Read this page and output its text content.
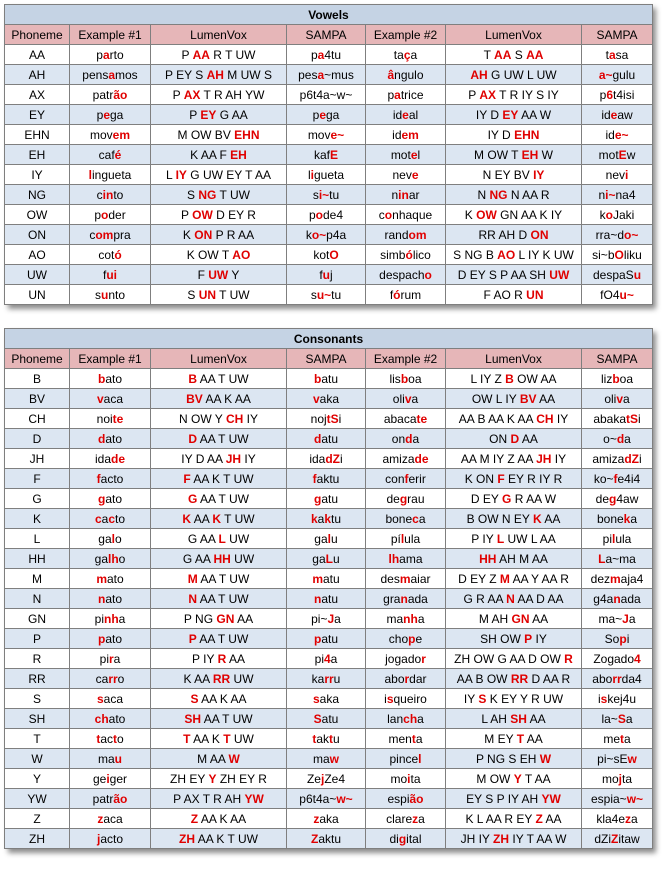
Vowels						
Phoneme	Example #1	LumenVox	SAMPA	Example #2	LumenVox	SAMPA
AA	parto	P AA R T UW	pa4tu	taça	T AA S AA	tasa
AH	pensamos	P EY S AH M UW S	pesa~mus	ângulo	AH G UW L UW	a~gulu
AX	patrão	P AX T R AH YW	p6t4a~w~	patrice	P AX T R IY S IY	p6t4isi
EY	pega	P EY G AA	pega	ideal	IY D EY AA W	ideaw
EHN	movem	M OW BV EHN	move~	idem	IY D EHN	ide~
EH	café	K AA F EH	kafE	motel	M OW T EH W	motEw
IY	lingueta	L IY G UW EY T AA	ligueta	neve	N EY BV IY	nevi
NG	cinto	S NG T UW	si~tu	ninar	N NG N AA R	ni~na4
OW	poder	P OW D EY R	pode4	conhaque	K OW GN AA K IY	koJaki
ON	compra	K ON P R AA	ko~p4a	random	RR AH D ON	rra~do~
AO	cotó	K OW T AO	kotO	simbólico	S NG B AO L IY K UW	si~bOliku
UW	fui	F UW Y	fuj	despacho	D EY S P AA SH UW	despaSu
UN	sunto	S UN T UW	su~tu	fórum	F AO R UN	fO4u~
Consonants						
Phoneme	Example #1	LumenVox	SAMPA	Example #2	LumenVox	SAMPA
B	bato	B AA T UW	batu	lisboa	L IY Z B OW AA	lizboa
BV	vaca	BV AA K AA	vaka	oliva	OW L IY BV AA	oliva
CH	noite	N OW Y CH IY	nojtSi	abacate	AA B AA K AA CH IY	abakatSi
D	dato	D AA T UW	datu	onda	ON D AA	o~da
JH	idade	IY D AA JH IY	idadZi	amizade	AA M IY Z AA JH IY	amizadZi
F	facto	F AA K T UW	faktu	conferir	K ON F EY R IY R	ko~fe4i4
G	gato	G AA T UW	gatu	degrau	D EY G R AA W	deg4aw
K	cacto	K AA K T UW	kaktu	boneca	B OW N EY K AA	boneka
L	galo	G AA L UW	galu	pílula	P IY L UW L AA	pilula
HH	galho	G AA HH UW	gaLu	lhama	HH AH M AA	La~ma
M	mato	M AA T UW	matu	desmaiar	D EY Z M AA Y AA R	dezmaja4
N	nato	N AA T UW	natu	granada	G R AA N AA D AA	g4anada
GN	pinha	P NG GN AA	pi~Ja	manha	M AH GN AA	ma~Ja
P	pato	P AA T UW	patu	chope	SH OW P IY	Sopi
R	pira	P IY R AA	pi4a	jogador	ZH OW G AA D OW R	Zogado4
RR	carro	K AA RR UW	karru	abordar	AA B OW RR D AA R	aborrda4
S	saca	S AA K AA	saka	isqueiro	IY S K EY Y R UW	iskej4u
SH	chato	SH AA T UW	Satu	lancha	L AH SH AA	la~Sa
T	tacto	T AA K T UW	taktu	menta	M EY T AA	meta
W	mau	M AA W	maw	pincel	P NG S EH W	pi~sEw
Y	geiger	ZH EY Y ZH EY R	ZejZe4	moita	M OW Y T AA	mojta
YW	patrão	P AX T R AH YW	p6t4a~w~	espião	EY S P IY AH YW	espia~w~
Z	zaca	Z AA K AA	zaka	clareza	K L AA R EY Z AA	kla4eza
ZH	jacto	ZH AA K T UW	Zaktu	digital	JH IY ZH IY T AA W	dZiZitaw
